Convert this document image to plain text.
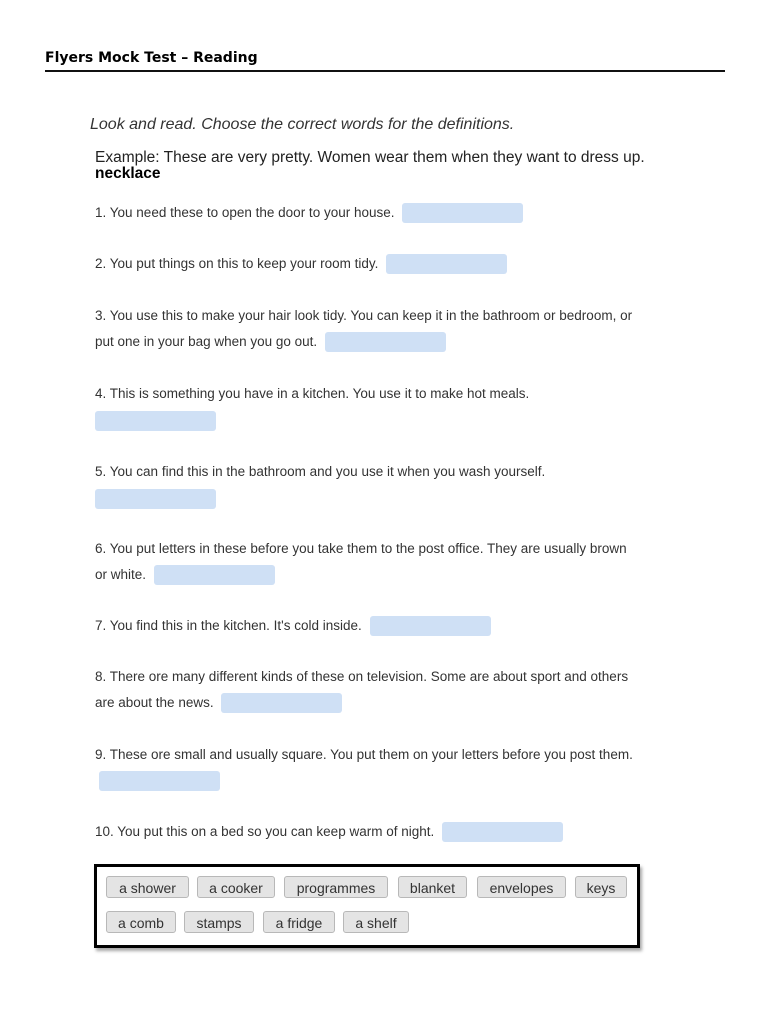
Flyers Mock Test – Reading
Look and read. Choose the correct words for the definitions.
Example: These are very pretty. Women wear them when they want to dress up. necklace
1. You need these to open the door to your house.
2. You put things on this to keep your room tidy.
3. You use this to make your hair look tidy. You can keep it in the bathroom or bedroom, or put one in your bag when you go out.
4. This is something you have in a kitchen. You use it to make hot meals.
5. You can find this in the bathroom and you use it when you wash yourself.
6. You put letters in these before you take them to the post office. They are usually brown or white.
7. You find this in the kitchen. It's cold inside.
8. There ore many different kinds of these on television. Some are about sport and others are about the news.
9. These ore small and usually square. You put them on your letters before you post them.
10. You put this on a bed so you can keep warm of night.
a shower	a cooker	programmes	blanket	envelopes	keys
a comb	stamps	a fridge	a shelf
